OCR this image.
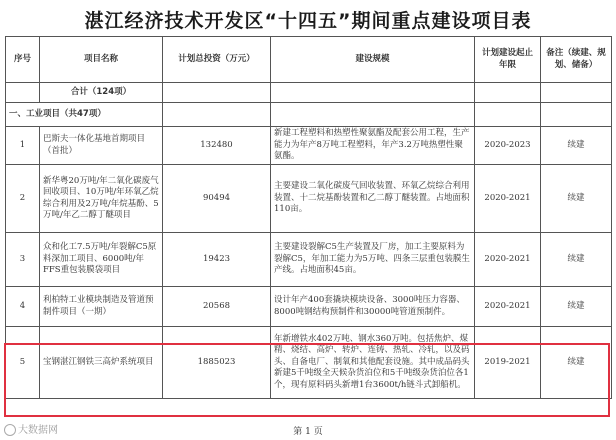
湛江经济技术开发区“十四五”期间重点建设项目表
序号	项目名称	计划总投资（万元）	建设规模	计划建设起止年限	备注（续建、规划、储备）
	合计（124项）				
一、工业项目（共47项）					
1	巴斯夫一体化基地首期项目（首批）	132480	新建工程塑料和热塑性聚氨酯及配套公用工程，生产能力为年产8万吨工程塑料，年产3.2万吨热塑性聚氨酯。	2020-2023	续建
2	新华粤20万吨/年二氧化碳废气回收项目、10万吨/年环氧乙烷综合利用及2万吨/年烷基酚、5万吨/年乙二醇丁醚项目	90494	主要建设二氧化碳废气回收装置、环氧乙烷综合利用装置、十二烷基酚装置和乙二醇丁醚装置。占地面积110亩。	2020-2021	续建
3	众和化工7.5万吨/年裂解C5原料深加工项目、6000吨/年FFS重包装膜袋项目	19423	主要建设裂解C5生产装置及厂房，加工主要原料为裂解C5，年加工能力为5万吨、四条三层重包装膜生产线。占地面积45亩。	2020-2021	续建
4	利柏特工业模块制造及管道预制件项目（一期）	20568	设计年产400套撬块模块设备、3000吨压力容器、8000吨钢结构预制件和30000吨管道预制件。	2020-2021	续建
5	宝钢湛江钢铁三高炉系统项目	1885023	年新增铁水402万吨、钢水360万吨。包括焦炉、煤精、烧结、高炉、转炉、连铸、热轧、冷轧，以及码头、自备电厂、制氧和其他配套设施。其中成品码头新建5千吨级全天候杂货泊位和5千吨级杂货泊位各1个，现有原料码头新增1台3600t/h链斗式卸船机。	2019-2021	续建
大数据网	第 1 页
